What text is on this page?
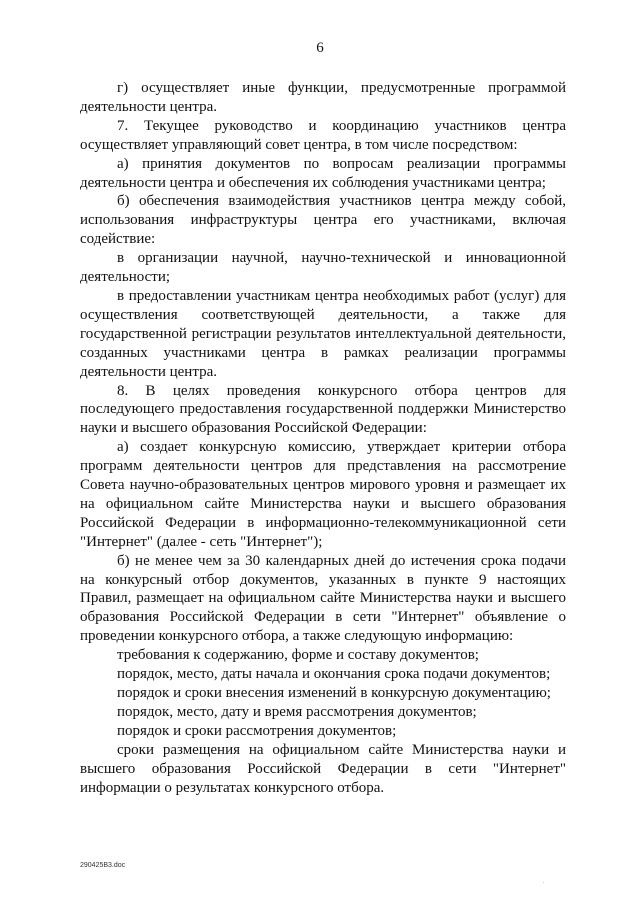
6

г) осуществляет иные функции, предусмотренные программой деятельности центра.

7. Текущее руководство и координацию участников центра осуществляет управляющий совет центра, в том числе посредством:

а) принятия документов по вопросам реализации программы деятельности центра и обеспечения их соблюдения участниками центра;

б) обеспечения взаимодействия участников центра между собой, использования инфраструктуры центра его участниками, включая содействие:

в организации научной, научно-технической и инновационной деятельности;

в предоставлении участникам центра необходимых работ (услуг) для осуществления соответствующей деятельности, а также для государственной регистрации результатов интеллектуальной деятельности, созданных участниками центра в рамках реализации программы деятельности центра.

8. В целях проведения конкурсного отбора центров для последующего предоставления государственной поддержки Министерство науки и высшего образования Российской Федерации:

а) создает конкурсную комиссию, утверждает критерии отбора программ деятельности центров для представления на рассмотрение Совета научно-образовательных центров мирового уровня и размещает их на официальном сайте Министерства науки и высшего образования Российской Федерации в информационно-телекоммуникационной сети "Интернет" (далее - сеть "Интернет");

б) не менее чем за 30 календарных дней до истечения срока подачи на конкурсный отбор документов, указанных в пункте 9 настоящих Правил, размещает на официальном сайте Министерства науки и высшего образования Российской Федерации в сети "Интернет" объявление о проведении конкурсного отбора, а также следующую информацию:

требования к содержанию, форме и составу документов;

порядок, место, даты начала и окончания срока подачи документов;

порядок и сроки внесения изменений в конкурсную документацию;

порядок, место, дату и время рассмотрения документов;

порядок и сроки рассмотрения документов;

сроки размещения на официальном сайте Министерства науки и высшего образования Российской Федерации в сети "Интернет" информации о результатах конкурсного отбора.

290425В3.doc
.
